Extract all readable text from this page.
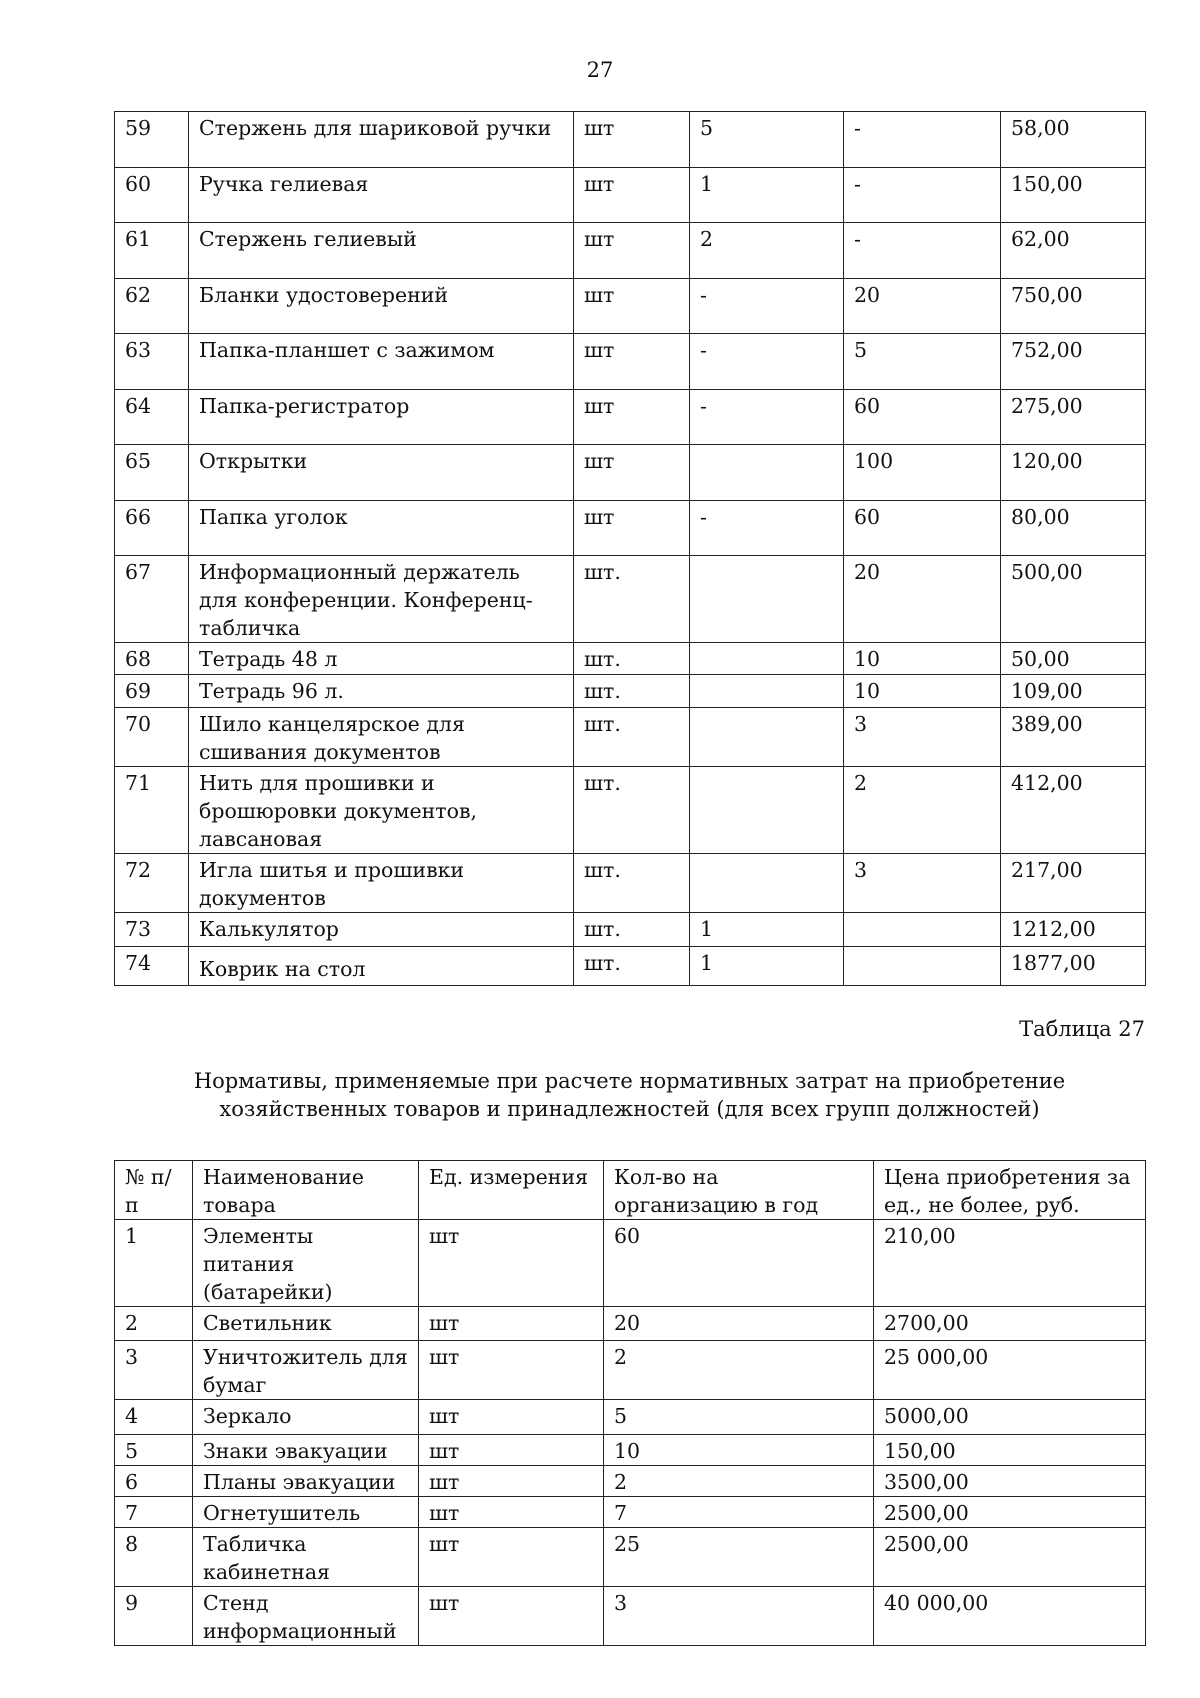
27
59	Стержень для шариковой ручки	шт	5	-	58,00
60	Ручка гелиевая	шт	1	-	150,00
61	Стержень гелиевый	шт	2	-	62,00
62	Бланки удостоверений	шт	-	20	750,00
63	Папка-планшет с зажимом	шт	-	5	752,00
64	Папка-регистратор	шт	-	60	275,00
65	Открытки	шт		100	120,00
66	Папка уголок	шт	-	60	80,00
67	Информационный держатель для конференции. Конференц-табличка	шт.		20	500,00
68	Тетрадь 48 л	шт.		10	50,00
69	Тетрадь 96 л.	шт.		10	109,00
70	Шило канцелярское для сшивания документов	шт.		3	389,00
71	Нить для прошивки и брошюровки документов, лавсановая	шт.		2	412,00
72	Игла шитья и прошивки документов	шт.		3	217,00
73	Калькулятор	шт.	1		1212,00
74	Коврик на стол	шт.	1		1877,00
Таблица 27
Нормативы, применяемые при расчете нормативных затрат на приобретение хозяйственных товаров и принадлежностей (для всех групп должностей)
№ п/п	Наименование товара	Ед. измерения	Кол-во на организацию в год	Цена приобретения за ед., не более, руб.
1	Элементы питания (батарейки)	шт	60	210,00
2	Светильник	шт	20	2700,00
3	Уничтожитель для бумаг	шт	2	25 000,00
4	Зеркало	шт	5	5000,00
5	Знаки эвакуации	шт	10	150,00
6	Планы эвакуации	шт	2	3500,00
7	Огнетушитель	шт	7	2500,00
8	Табличка кабинетная	шт	25	2500,00
9	Стенд информационный	шт	3	40 000,00
